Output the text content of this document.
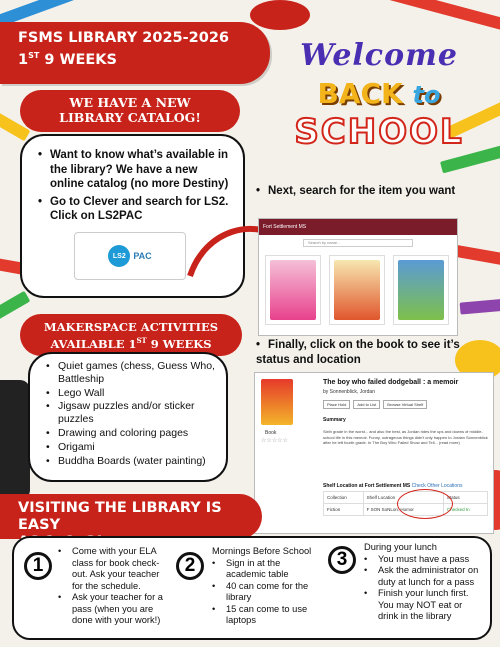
FSMS LIBRARY 2025-2026
1ST 9 WEEKS
WE HAVE A NEW
LIBRARY CATALOG!
• Want to know what’s available in the library? We have a new online catalog (no more Destiny)
• Go to Clever and search for LS2. Click on LS2PAC
LS2 PAC
Welcome
BACK to
SCHOOL
• Next, search for the item you want
Fort Settlement MS
Search by name...
• Finally, click on the book to see it’s status and location
Book
☆☆☆☆☆
The boy who failed dodgeball : a memoir
by Sonnenblick, Jordan
Place Hold	Add to List	Browse Virtual Shelf
Summary
Sixth grade in the worst... and also the best, as Jordan rides the ups and downs of middle-school life in this memoir. Funny, outrageous things didn't only happen to Jordan Sonnenblick after he left fourth grade. In The Boy Who Failed Show and Tell... (read more)
Shelf Location at Fort Settlement MS Check Other Locations
Collection	Shelf Location	Status
Fiction	F SON SoNLon. Humor	Checked In
MAKERSPACE ACTIVITIES
AVAILABLE 1ST 9 WEEKS
• Quiet games (chess, Guess Who, Battleship
• Lego Wall
• Jigsaw puzzles and/or sticker puzzles
• Drawing and coloring pages
• Origami
• Buddha Boards (water painting)
VISITING THE LIBRARY IS EASY
1
• Come with your ELA class for book check-out. Ask your teacher for the schedule.
• Ask your teacher for a pass (when you are done with your work!)
2
Mornings Before School
• Sign in at the academic table
• 40 can come for the library
• 15 can come to use laptops
3
During your lunch
• You must have a pass
• Ask the administrator on duty at lunch for a pass
• Finish your lunch first. You may NOT eat or drink in the library
